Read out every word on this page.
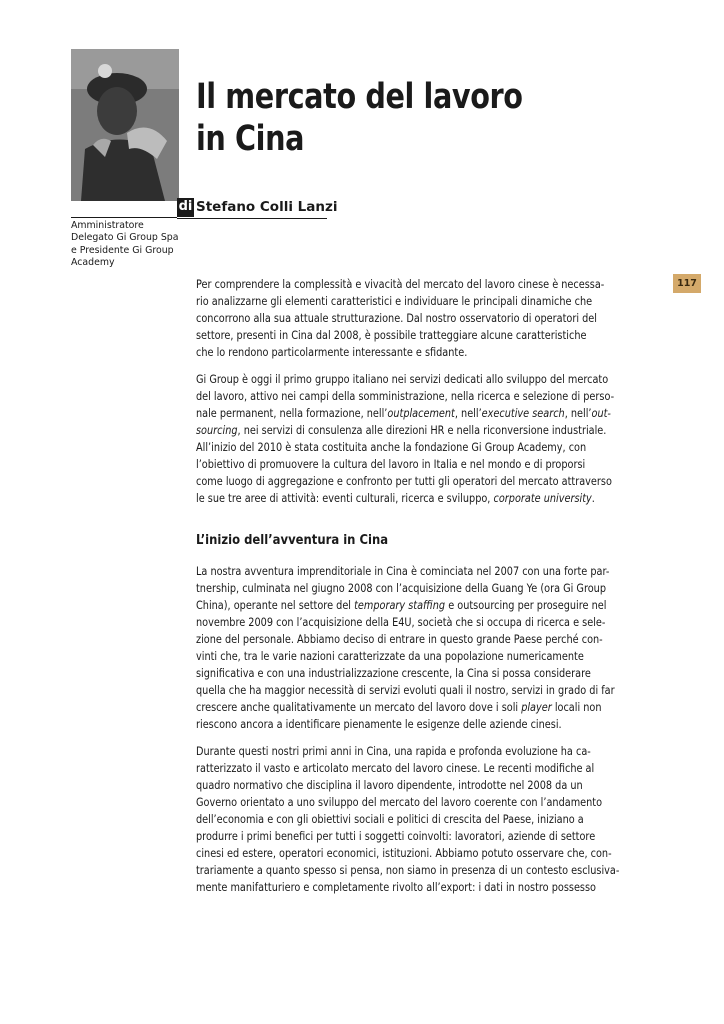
Il mercato del lavoro
in Cina
di Stefano Colli Lanzi
Amministratore
Delegato Gi Group Spa
e Presidente Gi Group
Academy
117
Per comprendere la complessità e vivacità del mercato del lavoro cinese è necessa-
rio analizzarne gli elementi caratteristici e individuare le principali dinamiche che
concorrono alla sua attuale strutturazione. Dal nostro osservatorio di operatori del
settore, presenti in Cina dal 2008, è possibile tratteggiare alcune caratteristiche
che lo rendono particolarmente interessante e sfidante.
Gi Group è oggi il primo gruppo italiano nei servizi dedicati allo sviluppo del mercato
del lavoro, attivo nei campi della somministrazione, nella ricerca e selezione di perso-
nale permanent, nella formazione, nell’outplacement, nell’executive search, nell’out-
sourcing, nei servizi di consulenza alle direzioni HR e nella riconversione industriale.
All’inizio del 2010 è stata costituita anche la fondazione Gi Group Academy, con
l’obiettivo di promuovere la cultura del lavoro in Italia e nel mondo e di proporsi
come luogo di aggregazione e confronto per tutti gli operatori del mercato attraverso
le sue tre aree di attività: eventi culturali, ricerca e sviluppo, corporate university.
L’inizio dell’avventura in Cina
La nostra avventura imprenditoriale in Cina è cominciata nel 2007 con una forte par-
tnership, culminata nel giugno 2008 con l’acquisizione della Guang Ye (ora Gi Group
China), operante nel settore del temporary staffing e outsourcing per proseguire nel
novembre 2009 con l’acquisizione della E4U, società che si occupa di ricerca e sele-
zione del personale. Abbiamo deciso di entrare in questo grande Paese perché con-
vinti che, tra le varie nazioni caratterizzate da una popolazione numericamente
significativa e con una industrializzazione crescente, la Cina si possa considerare
quella che ha maggior necessità di servizi evoluti quali il nostro, servizi in grado di far
crescere anche qualitativamente un mercato del lavoro dove i soli player locali non
riescono ancora a identificare pienamente le esigenze delle aziende cinesi.
Durante questi nostri primi anni in Cina, una rapida e profonda evoluzione ha ca-
ratterizzato il vasto e articolato mercato del lavoro cinese. Le recenti modifiche al
quadro normativo che disciplina il lavoro dipendente, introdotte nel 2008 da un
Governo orientato a uno sviluppo del mercato del lavoro coerente con l’andamento
dell’economia e con gli obiettivi sociali e politici di crescita del Paese, iniziano a
produrre i primi benefici per tutti i soggetti coinvolti: lavoratori, aziende di settore
cinesi ed estere, operatori economici, istituzioni. Abbiamo potuto osservare che, con-
trariamente a quanto spesso si pensa, non siamo in presenza di un contesto esclusiva-
mente manifatturiero e completamente rivolto all’export: i dati in nostro possesso
